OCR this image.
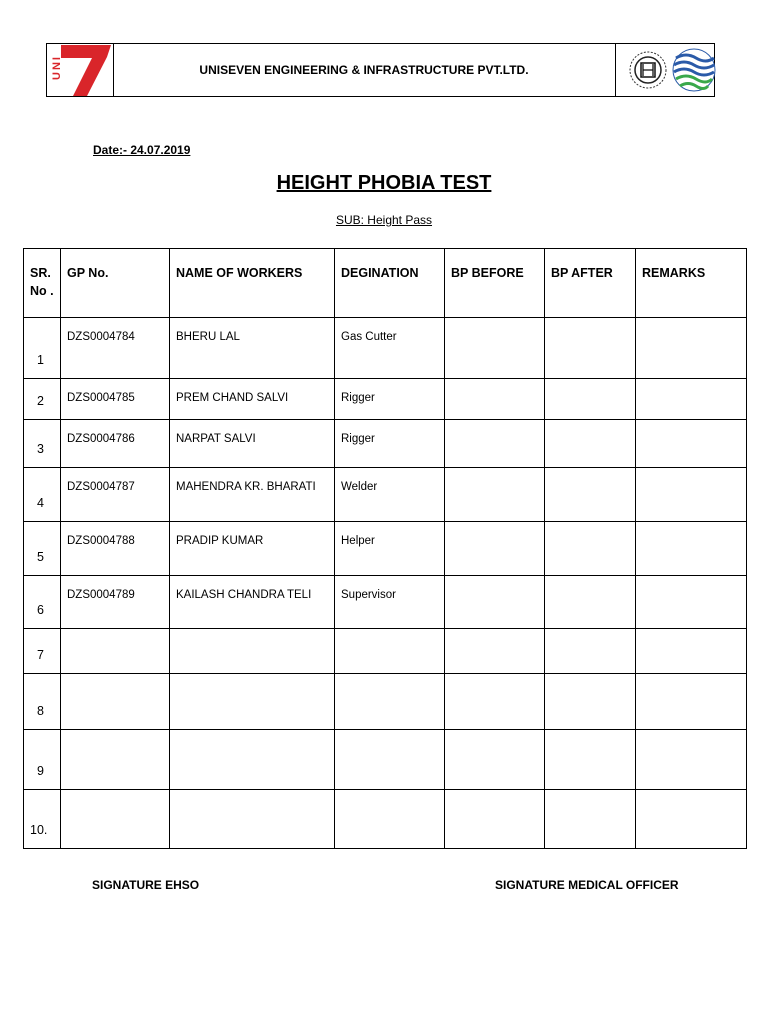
UNI	UNISEVEN ENGINEERING & INFRASTRUCTURE PVT.LTD.
Date:- 24.07.2019
HEIGHT PHOBIA TEST
SUB: Height Pass
SR. No .	GP No.	NAME OF WORKERS	DEGINATION	BP BEFORE	BP AFTER	REMARKS
1	DZS0004784	BHERU LAL	Gas Cutter			
2	DZS0004785	PREM CHAND SALVI	Rigger			
3	DZS0004786	NARPAT SALVI	Rigger			
4	DZS0004787	MAHENDRA KR. BHARATI	Welder			
5	DZS0004788	PRADIP KUMAR	Helper			
6	DZS0004789	KAILASH CHANDRA TELI	Supervisor			
7						
8						
9						
10.						
SIGNATURE EHSO	SIGNATURE MEDICAL OFFICER
